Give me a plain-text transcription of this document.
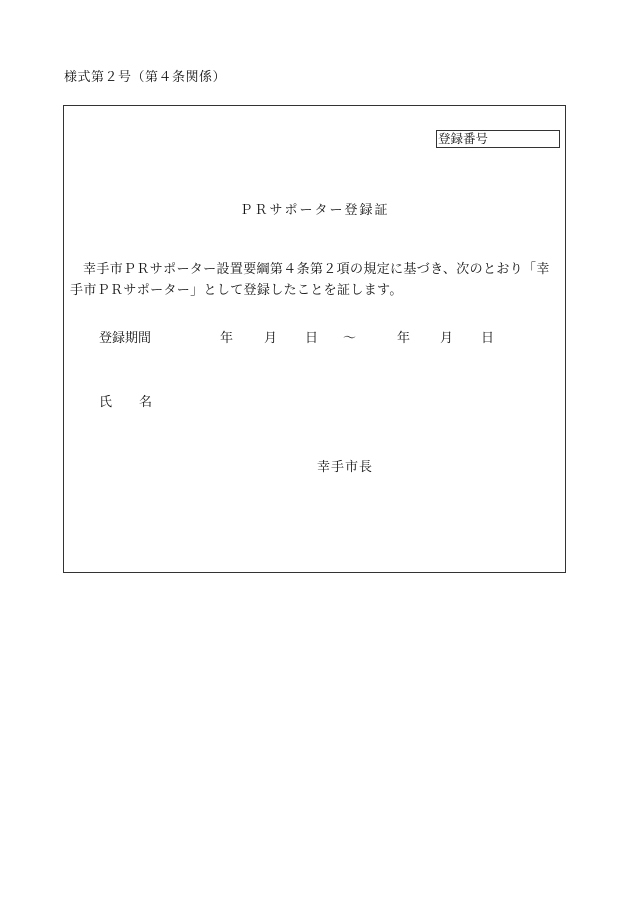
様式第２号（第４条関係）
登録番号
ＰＲサポーター登録証

幸手市ＰＲサポーター設置要綱第４条第２項の規定に基づき、次のとおり「幸手市ＰＲサポーター」として登録したことを証します。

登録期間	年 月 日 ～	年 月 日
氏 名
幸手市長
